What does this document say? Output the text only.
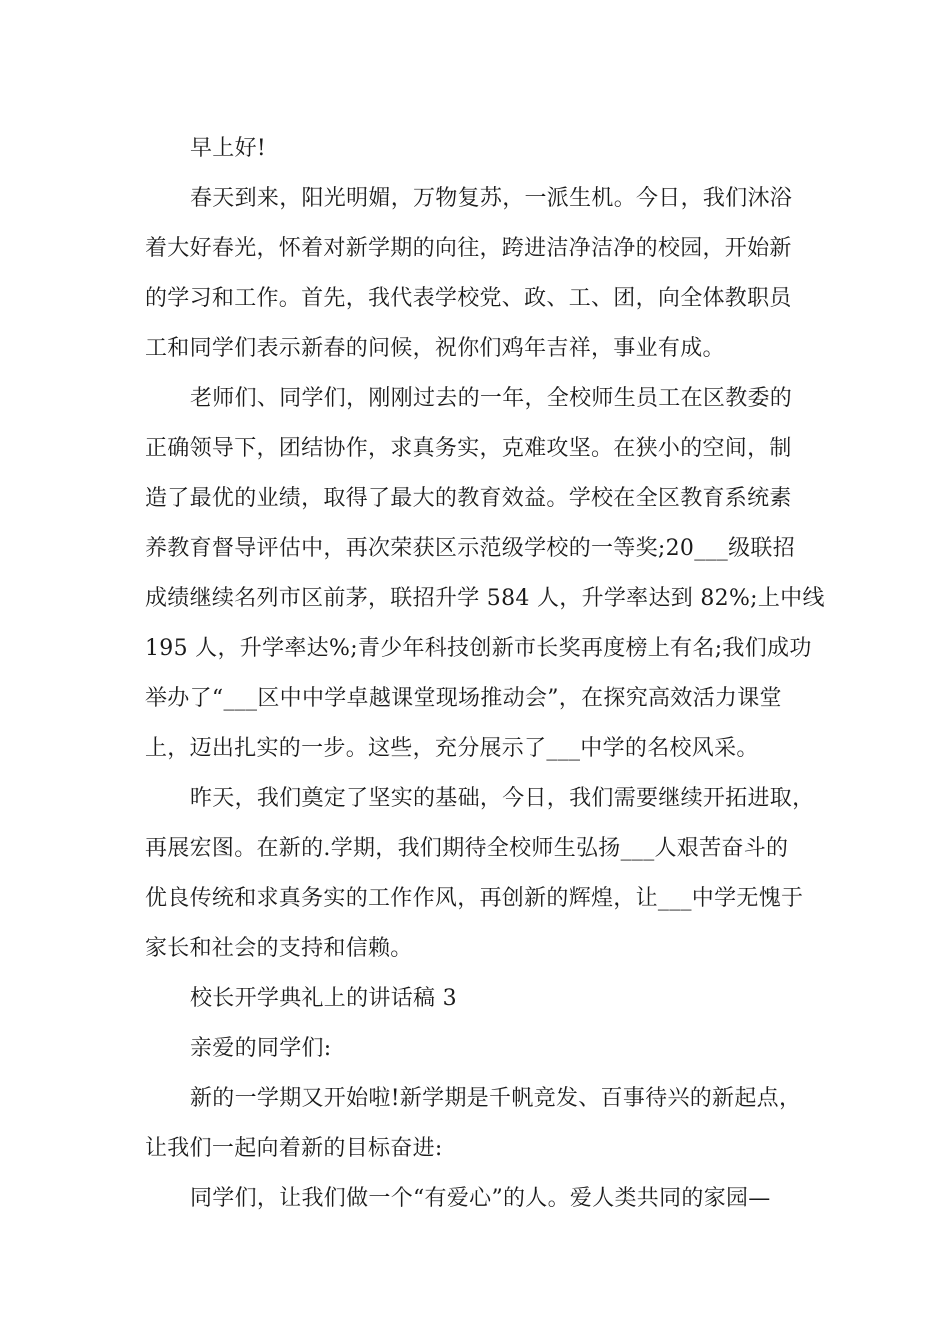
早上好!
春天到来，阳光明媚，万物复苏，一派生机。今日，我们沐浴
着大好春光，怀着对新学期的向往，跨进洁净洁净的校园，开始新
的学习和工作。首先，我代表学校党、政、工、团，向全体教职员
工和同学们表示新春的问候，祝你们鸡年吉祥，事业有成。
老师们、同学们，刚刚过去的一年，全校师生员工在区教委的
正确领导下，团结协作，求真务实，克难攻坚。在狭小的空间，制
造了最优的业绩，取得了最大的教育效益。学校在全区教育系统素
养教育督导评估中，再次荣获区示范级学校的一等奖;20___级联招
成绩继续名列市区前茅，联招升学 584 人，升学率达到 82%;上中线
195 人，升学率达%;青少年科技创新市长奖再度榜上有名;我们成功
举办了“___区中中学卓越课堂现场推动会”，在探究高效活力课堂
上，迈出扎实的一步。这些，充分展示了___中学的名校风采。
昨天，我们奠定了坚实的基础，今日，我们需要继续开拓进取，
再展宏图。在新的.学期，我们期待全校师生弘扬___人艰苦奋斗的
优良传统和求真务实的工作作风，再创新的辉煌，让___中学无愧于
家长和社会的支持和信赖。
校长开学典礼上的讲话稿 3
亲爱的同学们:
新的一学期又开始啦!新学期是千帆竞发、百事待兴的新起点，
让我们一起向着新的目标奋进:
同学们，让我们做一个“有爱心”的人。爱人类共同的家园—
